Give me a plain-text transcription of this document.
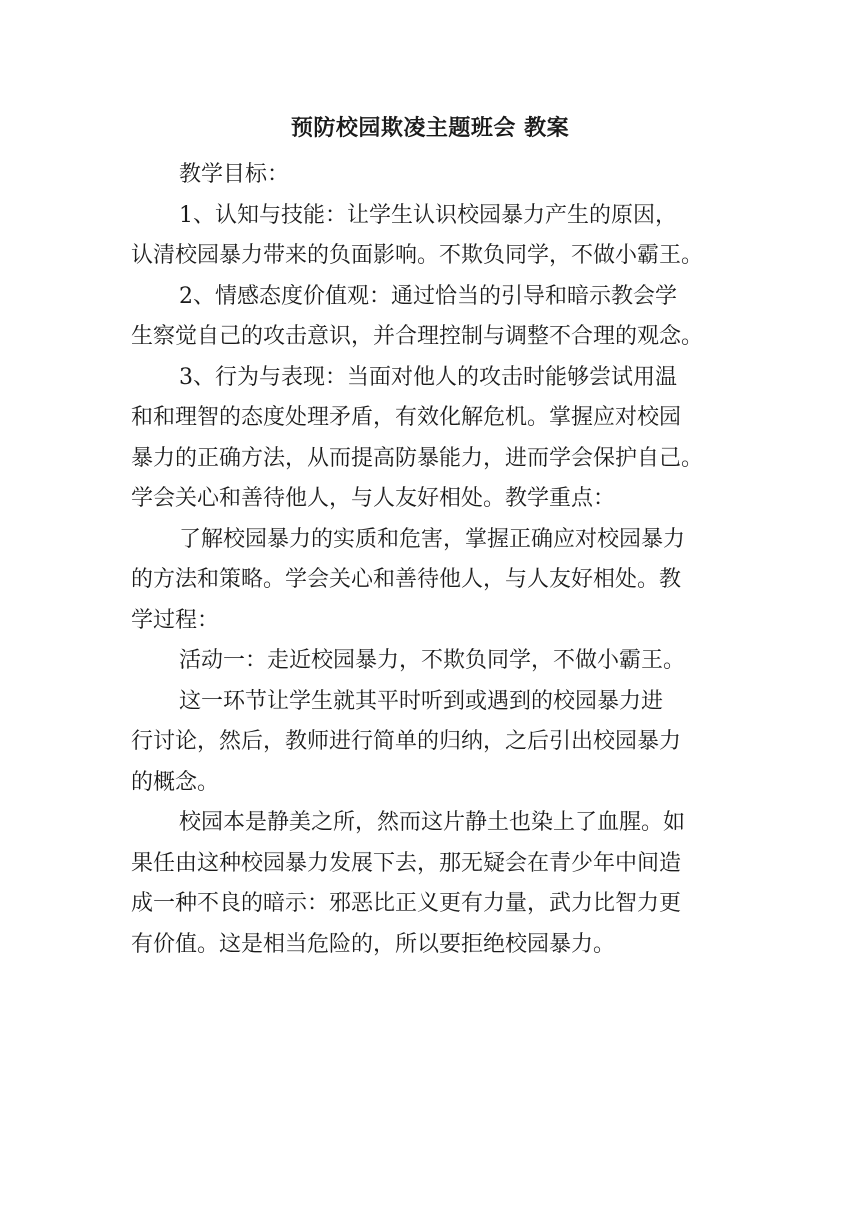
预防校园欺凌主题班会 教案

教学目标：

1、认知与技能：让学生认识校园暴力产生的原因，
认清校园暴力带来的负面影响。不欺负同学，不做小霸王。

2、情感态度价值观：通过恰当的引导和暗示教会学
生察觉自己的攻击意识，并合理控制与调整不合理的观念。

3、行为与表现：当面对他人的攻击时能够尝试用温
和和理智的态度处理矛盾，有效化解危机。掌握应对校园
暴力的正确方法，从而提高防暴能力，进而学会保护自己。
学会关心和善待他人，与人友好相处。教学重点：

了解校园暴力的实质和危害，掌握正确应对校园暴力
的方法和策略。学会关心和善待他人，与人友好相处。教
学过程：

活动一：走近校园暴力，不欺负同学，不做小霸王。

这一环节让学生就其平时听到或遇到的校园暴力进
行讨论，然后，教师进行简单的归纳，之后引出校园暴力
的概念。

校园本是静美之所，然而这片静土也染上了血腥。如
果任由这种校园暴力发展下去，那无疑会在青少年中间造
成一种不良的暗示：邪恶比正义更有力量，武力比智力更
有价值。这是相当危险的，所以要拒绝校园暴力。
